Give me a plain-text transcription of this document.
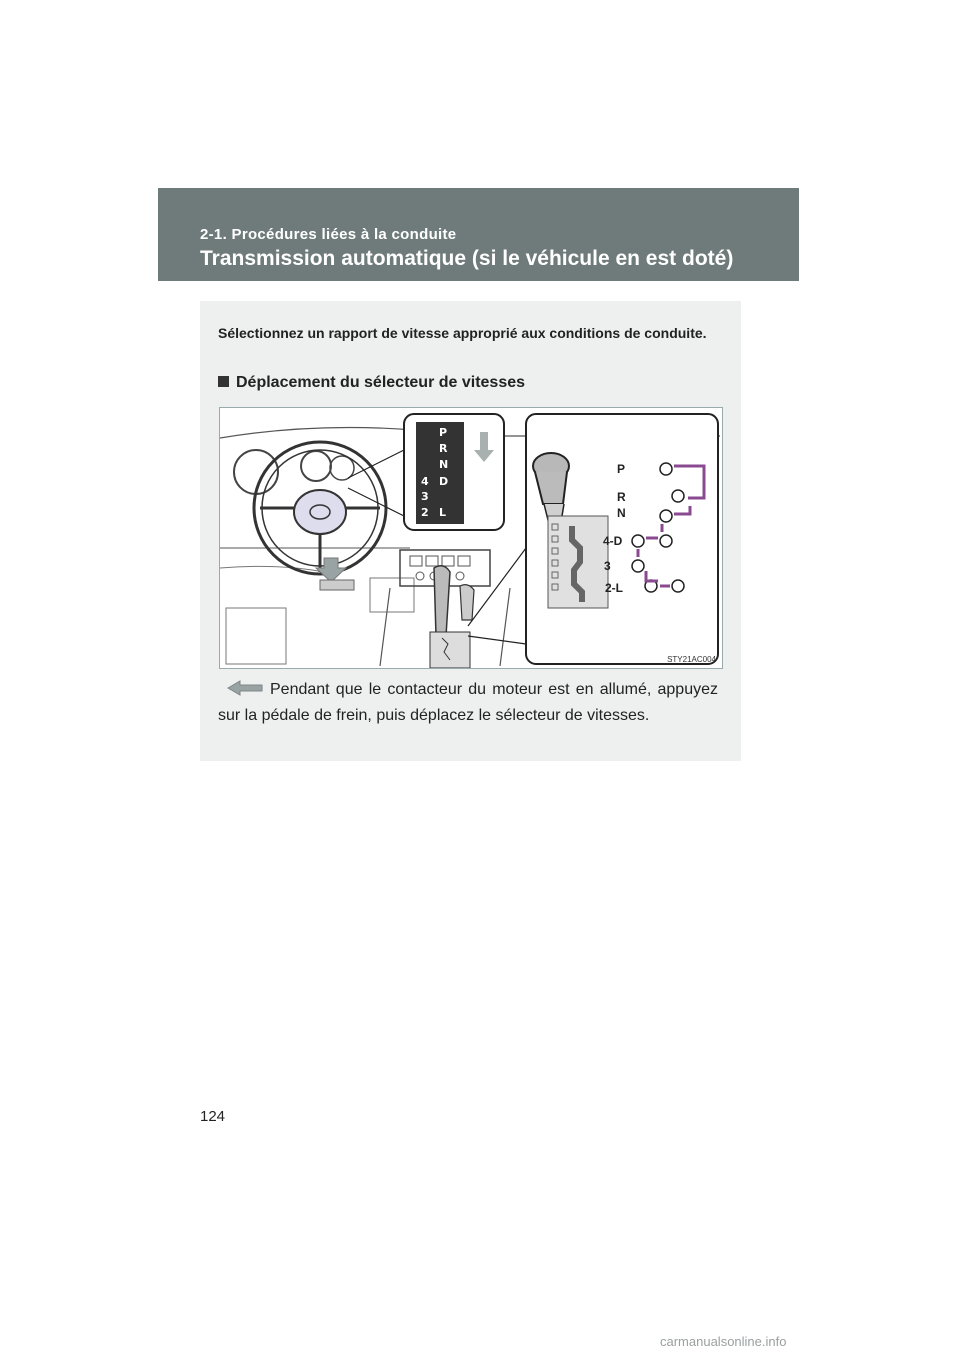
2-1. Procédures liées à la conduite
Transmission automatique (si le véhicule en est doté)
Sélectionnez un rapport de vitesse approprié aux conditions de conduite.
Déplacement du sélecteur de vitesses
P
R
N
D
4
3
2 L
P
R
N
4-D
3
2-L
STY21AC004
Pendant que le contacteur du moteur est en allumé, appuyez sur la pédale de frein, puis déplacez le sélecteur de vitesses.
124
carmanualsonline.info
